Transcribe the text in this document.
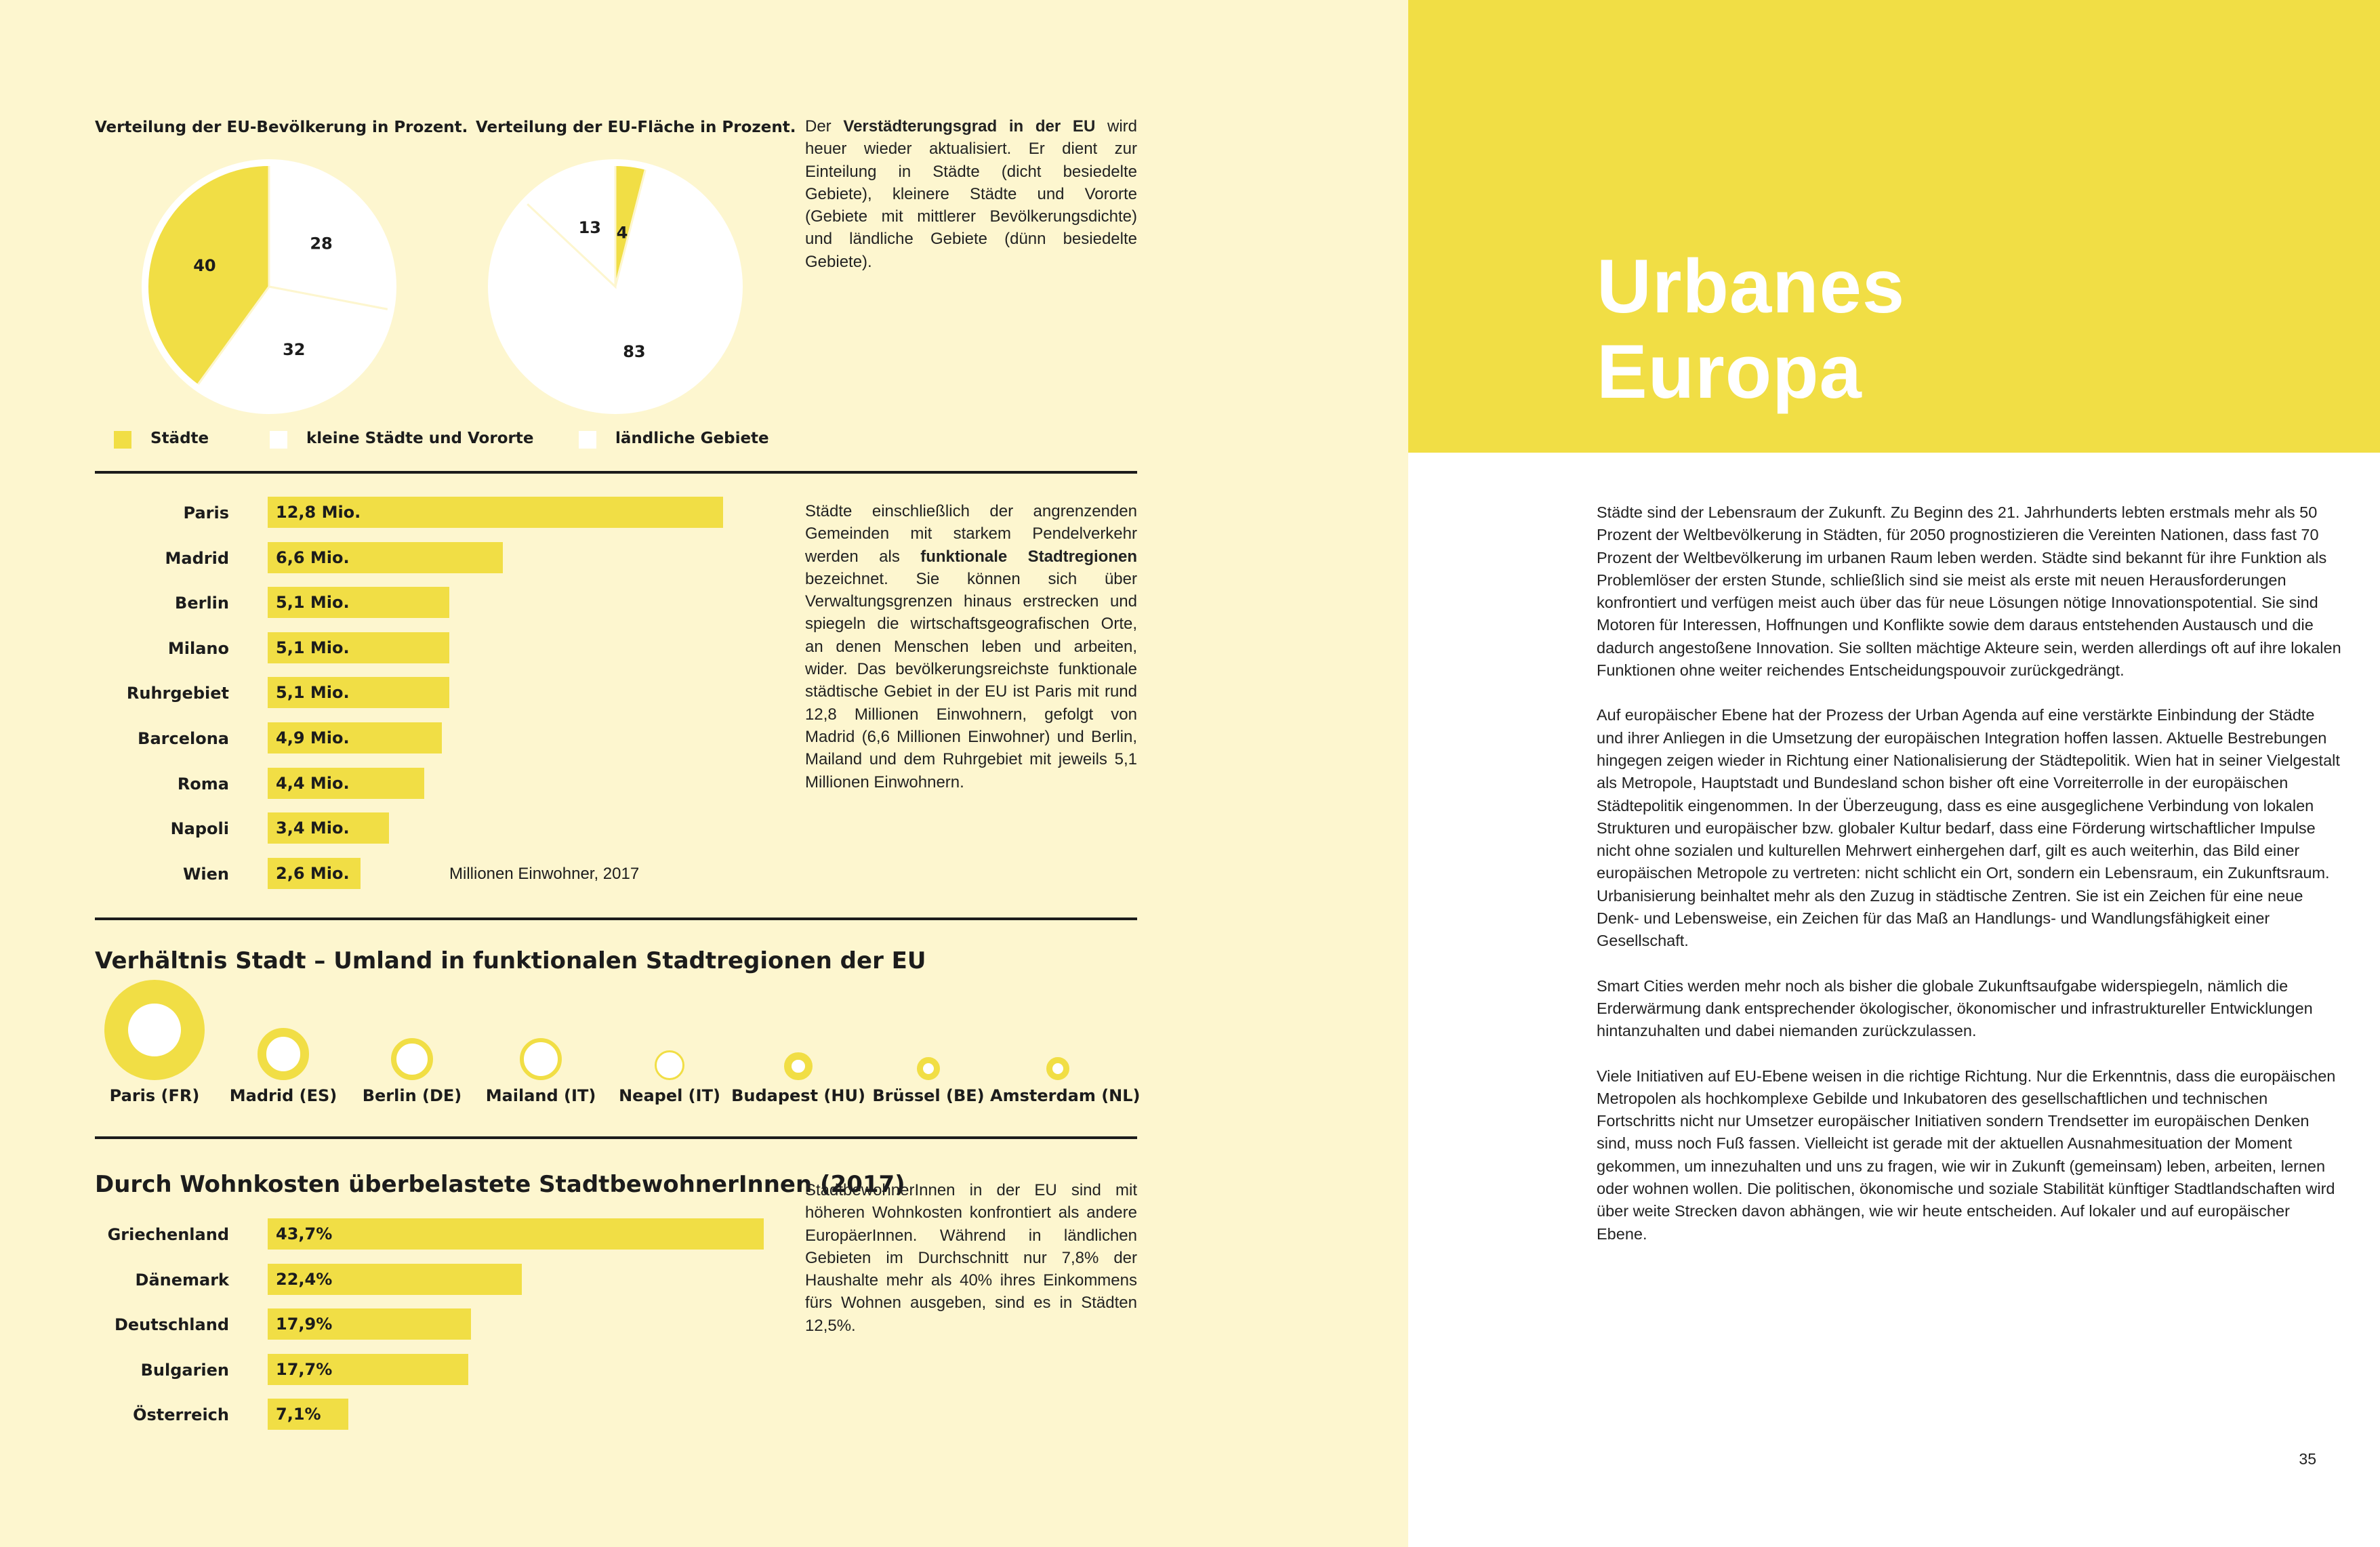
Verteilung der EU-Bevölkerung in Prozent. Verteilung der EU-Fläche in Prozent.
28
32
40
4
83
13

Der Verstädterungsgrad in der EU wird heuer wieder aktualisiert. Er dient zur Einteilung in Städte (dicht besiedelte Gebiete), kleinere Städte und Vororte (Gebiete mit mittlerer Bevölkerungsdichte) und ländliche Gebiete (dünn besiedelte Gebiete).

Städte	kleine Städte und Vororte	ländliche Gebiete
Paris	12,8 Mio.
Madrid	6,6 Mio.
Berlin	5,1 Mio.
Milano	5,1 Mio.
Ruhrgebiet	5,1 Mio.
Barcelona	4,9 Mio.
Roma	4,4 Mio.
Napoli	3,4 Mio.
Wien	2,6 Mio.	Millionen Einwohner, 2017

Städte einschließlich der angrenzenden Gemeinden mit starkem Pendelverkehr werden als funktionale Stadtregionen bezeichnet. Sie können sich über Verwaltungsgrenzen hinaus erstrecken und spiegeln die wirtschaftsgeografischen Orte, an denen Menschen leben und arbeiten, wider. Das bevölkerungsreichste funktionale städtische Gebiet in der EU ist Paris mit rund 12,8 Millionen Einwohnern, gefolgt von Madrid (6,6 Millionen Einwohner) und Berlin, Mailand und dem Ruhrgebiet mit jeweils 5,1 Millionen Einwohnern.

Verhältnis Stadt – Umland in funktionalen Stadtregionen der EU
Paris (FR)	Madrid (ES)	Berlin (DE)	Mailand (IT)	Neapel (IT) Budapest (HU) Brüssel (BE) Amsterdam (NL)
Durch Wohnkosten überbelastete StadtbewohnerInnen (2017)
Griechenland	43,7%
Dänemark	22,4%
Deutschland	17,9%
Bulgarien	17,7%
Österreich	7,1%

StadtbewohnerInnen in der EU sind mit höheren Wohnkosten konfrontiert als andere EuropäerInnen. Während in ländlichen Gebieten im Durchschnitt nur 7,8% der Haushalte mehr als 40% ihres Einkommens fürs Wohnen ausgeben, sind es in Städten 12,5%.

Urbanes
Europa

Städte sind der Lebensraum der Zukunft. Zu Beginn des 21. Jahrhunderts lebten erstmals mehr als 50 Prozent der Weltbevölkerung in Städten, für 2050 prognostizieren die Vereinten Nationen, dass fast 70 Prozent der Weltbevölkerung im urbanen Raum leben werden. Städte sind bekannt für ihre Funktion als Problemlöser der ersten Stunde, schließlich sind sie meist als erste mit neuen Herausforderungen konfrontiert und verfügen meist auch über das für neue Lösungen nötige Innovationspotential. Sie sind Motoren für Interessen, Hoffnungen und Konflikte sowie dem daraus entstehenden Austausch und die dadurch angestoßene Innovation. Sie sollten mächtige Akteure sein, werden allerdings oft auf ihre lokalen Funktionen ohne weiter reichendes Entscheidungspouvoir zurückgedrängt.

Auf europäischer Ebene hat der Prozess der Urban Agenda auf eine verstärkte Einbindung der Städte und ihrer Anliegen in die Umsetzung der europäischen Integration hoffen lassen. Aktuelle Bestrebungen hingegen zeigen wieder in Richtung einer Nationalisierung der Städtepolitik. Wien hat in seiner Vielgestalt als Metropole, Hauptstadt und Bundesland schon bisher oft eine Vorreiterrolle in der europäischen Städtepolitik eingenommen. In der Überzeugung, dass es eine ausgeglichene Verbindung von lokalen Strukturen und europäischer bzw. globaler Kultur bedarf, dass eine Förderung wirtschaftlicher Impulse nicht ohne sozialen und kulturellen Mehrwert einhergehen darf, gilt es auch weiterhin, das Bild einer europäischen Metropole zu vertreten: nicht schlicht ein Ort, sondern ein Lebensraum, ein Zukunftsraum. Urbanisierung beinhaltet mehr als den Zuzug in städtische Zentren. Sie ist ein Zeichen für eine neue Denk- und Lebensweise, ein Zeichen für das Maß an Handlungs- und Wandlungsfähigkeit einer Gesellschaft.

Smart Cities werden mehr noch als bisher die globale Zukunftsaufgabe widerspiegeln, nämlich die Erderwärmung dank entsprechender ökologischer, ökonomischer und infrastruktureller Entwicklungen hintanzuhalten und dabei niemanden zurückzulassen.

Viele Initiativen auf EU-Ebene weisen in die richtige Richtung. Nur die Erkenntnis, dass die europäischen Metropolen als hochkomplexe Gebilde und Inkubatoren des gesellschaftlichen und technischen Fortschritts nicht nur Umsetzer europäischer Initiativen sondern Trendsetter im europäischen Denken sind, muss noch Fuß fassen. Vielleicht ist gerade mit der aktuellen Ausnahmesituation der Moment gekommen, um innezuhalten und uns zu fragen, wie wir in Zukunft (gemeinsam) leben, arbeiten, lernen oder wohnen wollen. Die politischen, ökonomische und soziale Stabilität künftiger Stadtlandschaften wird über weite Strecken davon abhängen, wie wir heute entscheiden. Auf lokaler und auf europäischer Ebene.

35
